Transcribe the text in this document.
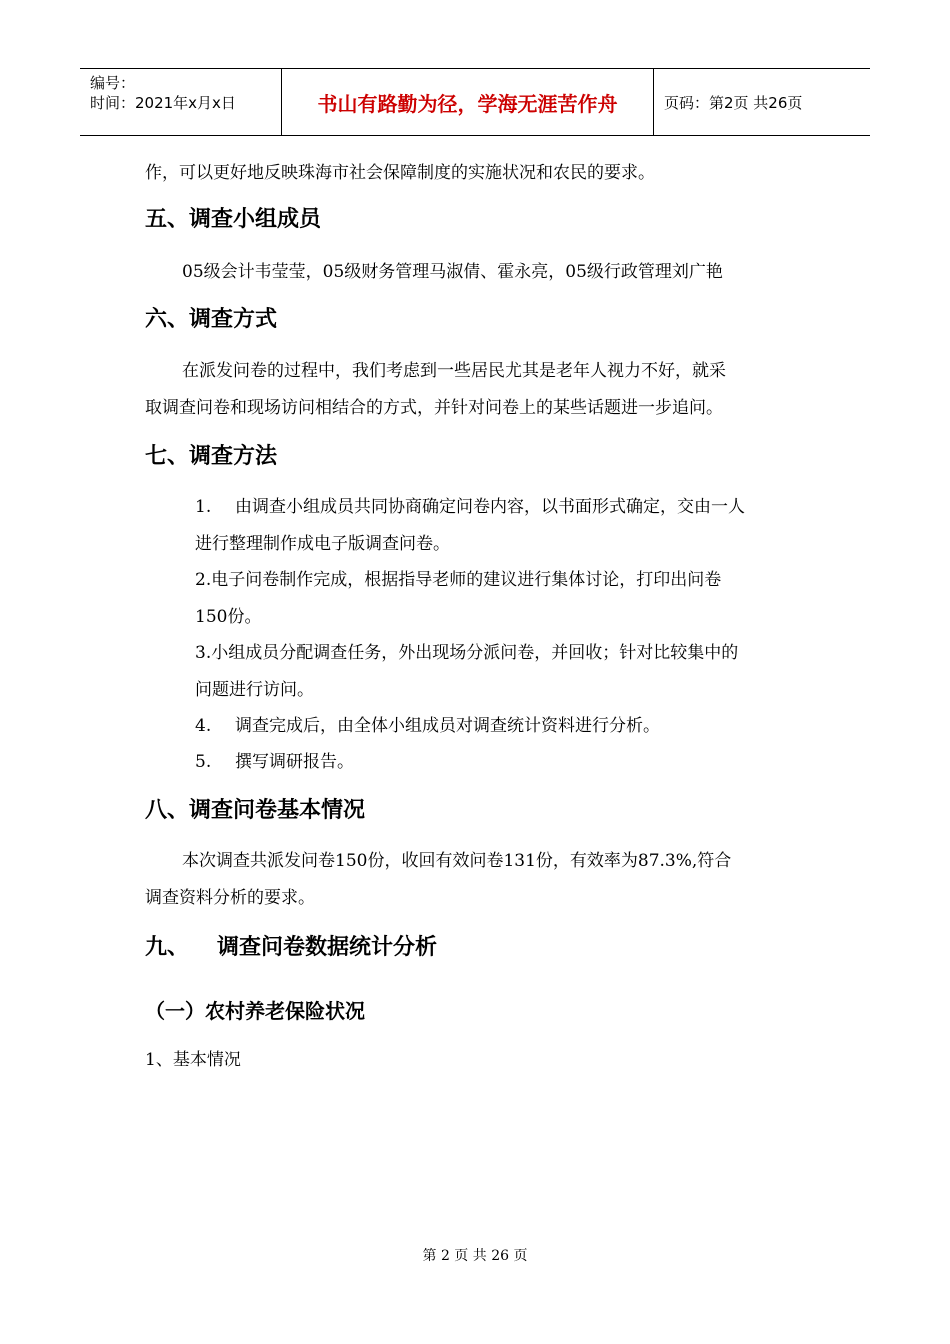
编号：
时间：2021年x月x日	书山有路勤为径，学海无涯苦作舟	页码：第2页 共26页
作，可以更好地反映珠海市社会保障制度的实施状况和农民的要求。
五、调查小组成员
05级会计韦莹莹，05级财务管理马淑倩、霍永亮，05级行政管理刘广艳
六、调查方式
在派发问卷的过程中，我们考虑到一些居民尤其是老年人视力不好，就采
取调查问卷和现场访问相结合的方式，并针对问卷上的某些话题进一步追问。
七、调查方法
1. 由调查小组成员共同协商确定问卷内容，以书面形式确定，交由一人
进行整理制作成电子版调查问卷。
2.电子问卷制作完成，根据指导老师的建议进行集体讨论，打印出问卷
150份。
3.小组成员分配调查任务，外出现场分派问卷，并回收；针对比较集中的
问题进行访问。
4. 调查完成后，由全体小组成员对调查统计资料进行分析。
5. 撰写调研报告。
八、调查问卷基本情况
本次调查共派发问卷150份，收回有效问卷131份，有效率为87.3%,符合
调查资料分析的要求。
九、 调查问卷数据统计分析
（一）农村养老保险状况
1、基本情况
第 2 页 共 26 页
